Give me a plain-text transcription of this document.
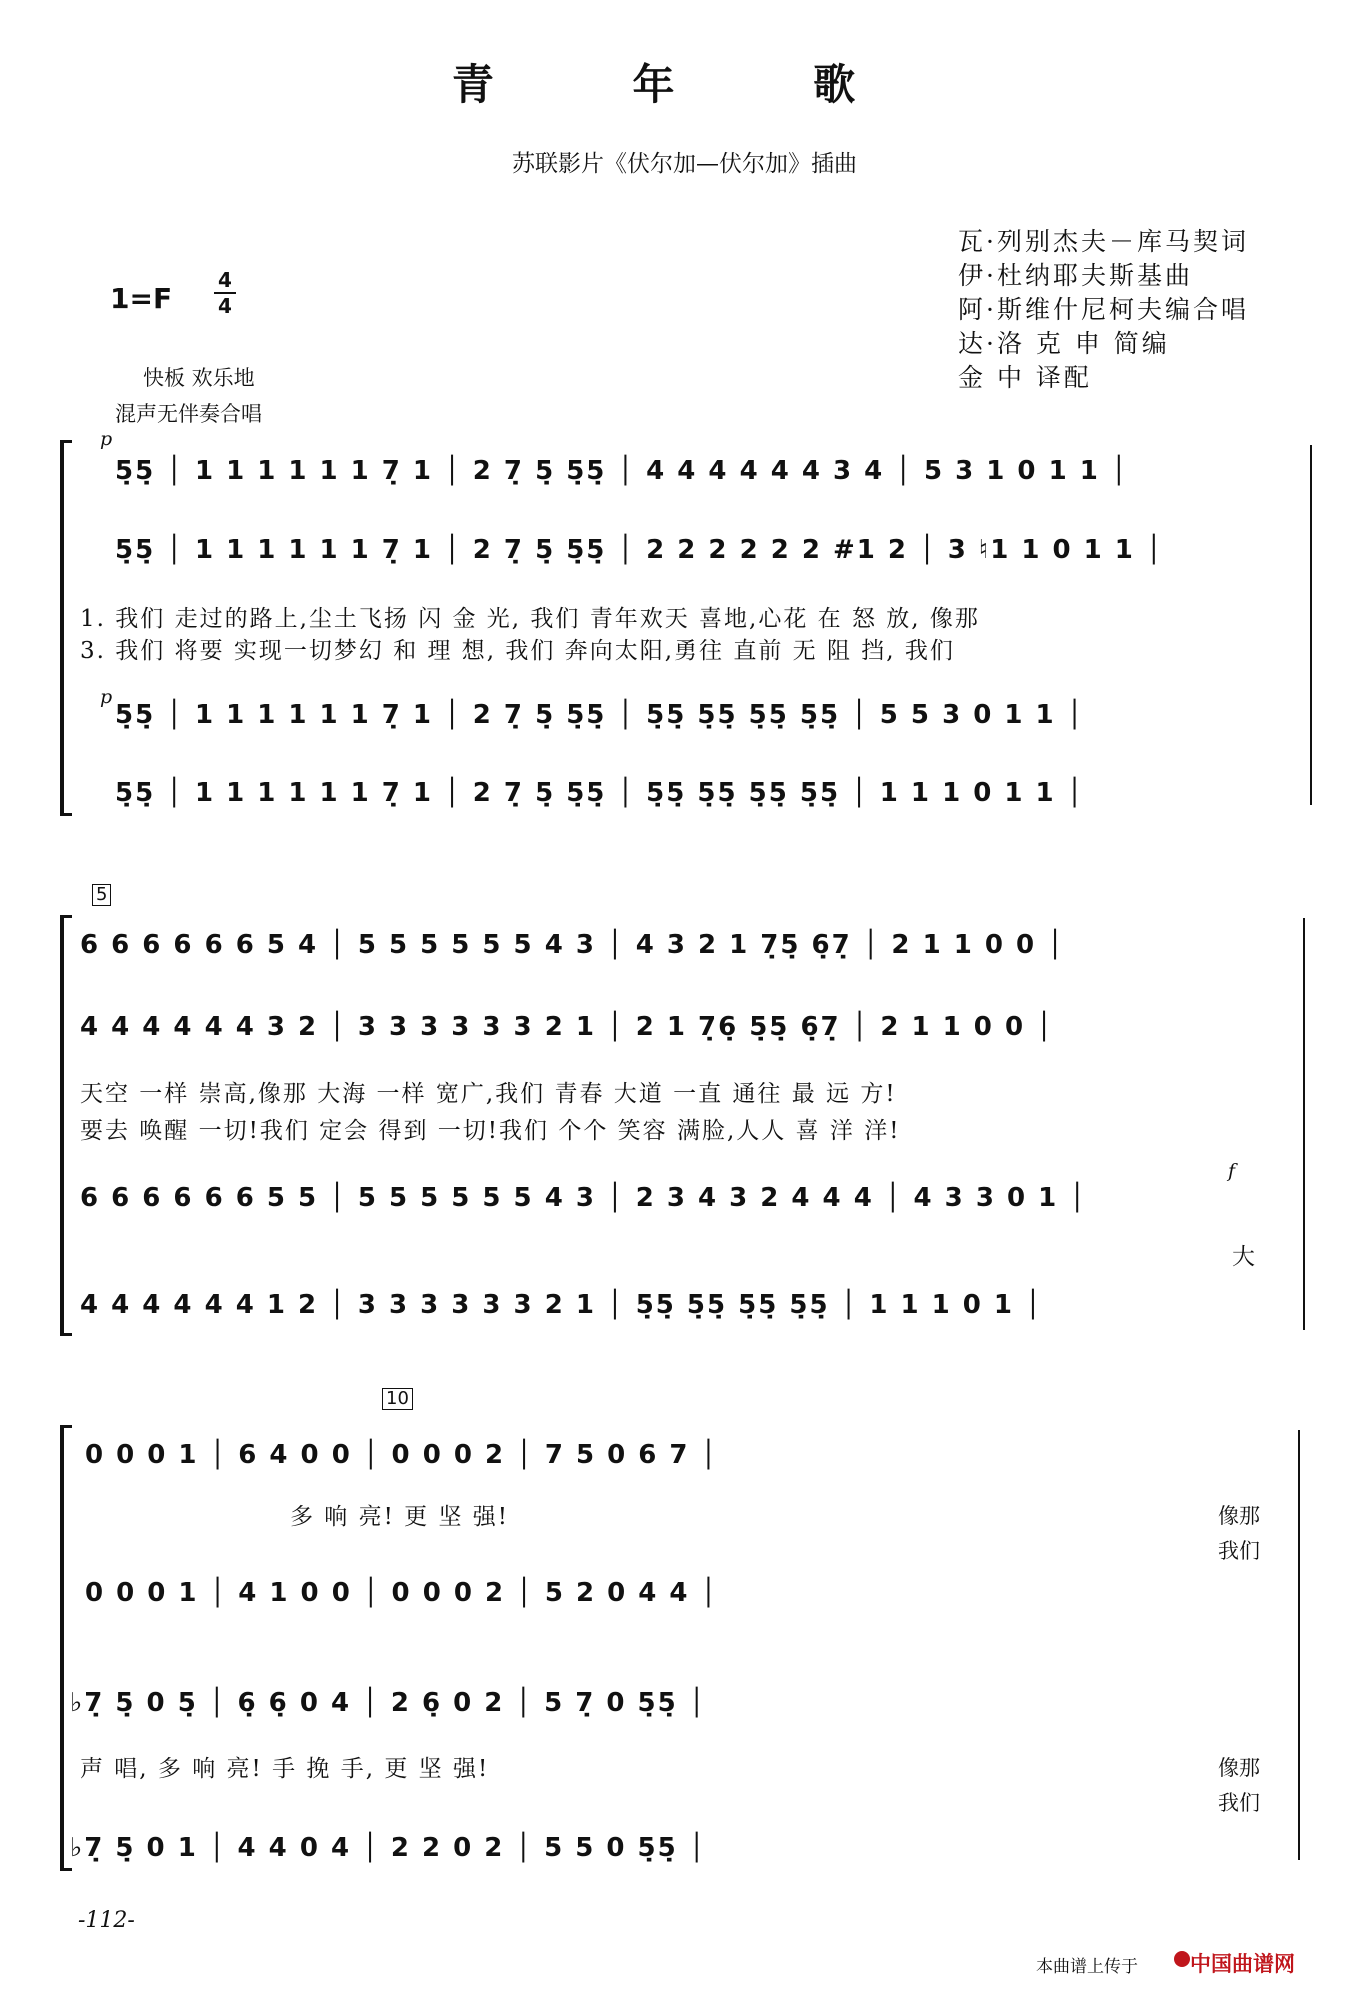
青 年 歌
苏联影片《伏尔加—伏尔加》插曲
瓦·列别杰夫－库马契词
伊·杜纳耶夫斯基曲
阿·斯维什尼柯夫编合唱
达·洛 克 申 简编
金 中 译配
1=F
4
4
快板 欢乐地
混声无伴奏合唱
p
5̣5̣ │ 1 1 1 1 1 1 7̣ 1 │ 2 7̣ 5̣ 5̣5̣ │ 4 4 4 4 4 4 3 4 │ 5 3 1 0 1 1 │
5̣5̣ │ 1 1 1 1 1 1 7̣ 1 │ 2 7̣ 5̣ 5̣5̣ │ 2 2 2 2 2 2 #1 2 │ 3 ♮1 1 0 1 1 │
1. 我们 走过的路上,尘土飞扬 闪 金 光, 我们 青年欢天 喜地,心花 在 怒 放, 像那
3. 我们 将要 实现一切梦幻 和 理 想, 我们 奔向太阳,勇往 直前 无 阻 挡, 我们
p
5̣5̣ │ 1 1 1 1 1 1 7̣ 1 │ 2 7̣ 5̣ 5̣5̣ │ 5̣5̣ 5̣5̣ 5̣5̣ 5̣5̣ │ 5 5 3 0 1 1 │
5̣5̣ │ 1 1 1 1 1 1 7̣ 1 │ 2 7̣ 5̣ 5̣5̣ │ 5̣5̣ 5̣5̣ 5̣5̣ 5̣5̣ │ 1 1 1 0 1 1 │
5
6 6 6 6 6 6 5 4 │ 5 5 5 5 5 5 4 3 │ 4 3 2 1 7̣5̣ 6̣7̣ │ 2 1 1 0 0 │
4 4 4 4 4 4 3 2 │ 3 3 3 3 3 3 2 1 │ 2 1 7̣6̣ 5̣5̣ 6̣7̣ │ 2 1 1 0 0 │
天空 一样 崇高,像那 大海 一样 宽广,我们 青春 大道 一直 通往 最 远 方!
要去 唤醒 一切!我们 定会 得到 一切!我们 个个 笑容 满脸,人人 喜 洋 洋!
f
6 6 6 6 6 6 5 5 │ 5 5 5 5 5 5 4 3 │ 2 3 4 3 2 4 4 4 │ 4 3 3 0 1 │
大
4 4 4 4 4 4 1 2 │ 3 3 3 3 3 3 2 1 │ 5̣5̣ 5̣5̣ 5̣5̣ 5̣5̣ │ 1 1 1 0 1 │
10
0 0 0 1 │ 6 4 0 0 │ 0 0 0 2 │ 7 5 0 6 7 │
多 响 亮! 更 坚 强!	像那
我们
0 0 0 1 │ 4 1 0 0 │ 0 0 0 2 │ 5 2 0 4 4 │
♭7̣ 5̣ 0 5̣ │ 6̣ 6̣ 0 4 │ 2 6̣ 0 2 │ 5 7̣ 0 5̣5̣ │
声 唱, 多 响 亮! 手 挽 手, 更 坚 强!	像那
我们
♭7̣ 5̣ 0 1 │ 4 4 0 4 │ 2 2 0 2 │ 5 5 0 5̣5̣ │
-112-
本曲谱上传于 中国曲谱网
